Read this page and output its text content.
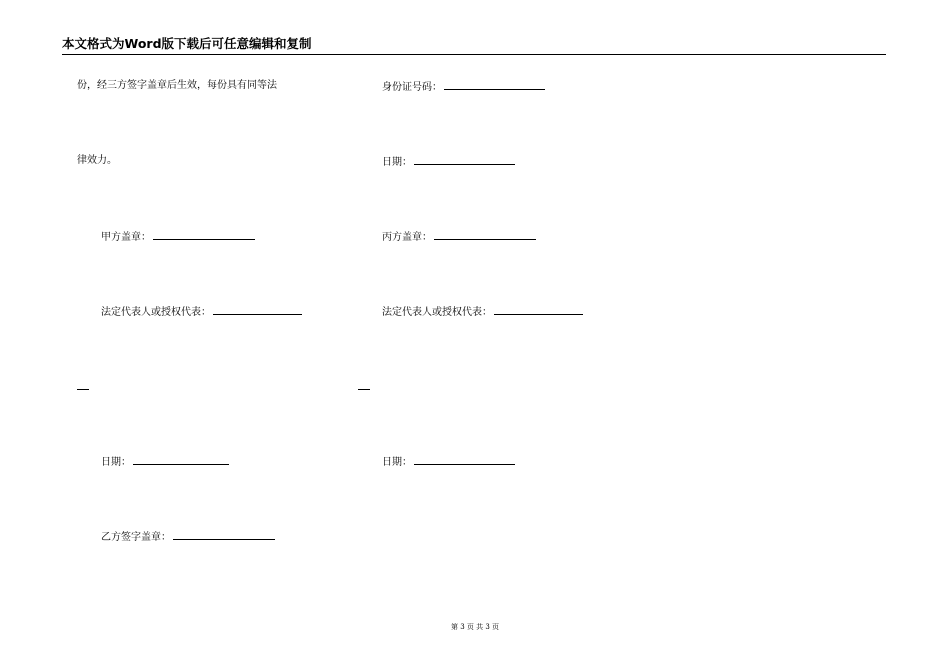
本文格式为Word版下载后可任意编辑和复制
份，经三方签字盖章后生效，每份具有同等法
律效力。
甲方盖章：
法定代表人或授权代表：
日期：
乙方签字盖章：
身份证号码：
日期：
丙方盖章：
法定代表人或授权代表：
日期：
第 3 页 共 3 页
